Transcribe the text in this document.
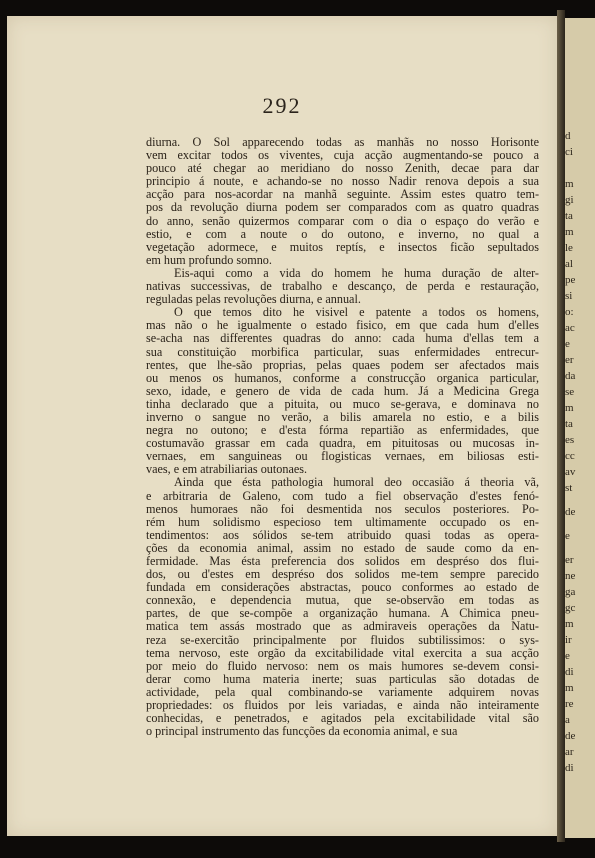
292
diurna. O Sol apparecendo todas as manhãs no nosso Horisonte
vem excitar todos os viventes, cuja acção augmentando-se pouco a
pouco até chegar ao meridiano do nosso Zenith, decae para dar
principio á noute, e achando-se no nosso Nadir renova depois a sua
acção para nos-acordar na manhã seguinte. Assim estes quatro tem-
pos da revolução diurna podem ser comparados com as quatro quadras
do anno, senão quizermos comparar com o dia o espaço do verão e
estio, e com a noute o do outono, e inverno, no qual a
vegetação adormece, e muitos reptís, e insectos ficão sepultados
em hum profundo somno.
Eis-aqui como a vida do homem he huma duração de alter-
nativas successivas, de trabalho e descanço, de perda e restauração,
reguladas pelas revoluções diurna, e annual.
O que temos dito he visivel e patente a todos os homens,
mas não o he igualmente o estado fisico, em que cada hum d'elles
se-acha nas differentes quadras do anno: cada huma d'ellas tem a
sua constituição morbifica particular, suas enfermidades entrecur-
rentes, que lhe-são proprias, pelas quaes podem ser afectados mais
ou menos os humanos, conforme a construcção organica particular,
sexo, idade, e genero de vida de cada hum. Já a Medicina Grega
tinha declarado que a pituita, ou muco se-gerava, e dominava no
inverno o sangue no verão, a bilis amarela no estio, e a bilis
negra no outono; e d'esta fórma repartião as enfermidades, que
costumavão grassar em cada quadra, em pituitosas ou mucosas in-
vernaes, em sanguineas ou flogisticas vernaes, em biliosas esti-
vaes, e em atrabiliarias outonaes.
Ainda que ésta pathologia humoral deo occasião á theoria vã,
e arbitraria de Galeno, com tudo a fiel observação d'estes fenó-
menos humoraes não foi desmentida nos seculos posteriores. Po-
rém hum solidismo especioso tem ultimamente occupado os en-
tendimentos: aos sólidos se-tem atribuido quasi todas as opera-
ções da economia animal, assim no estado de saude como da en-
fermidade. Mas ésta preferencia dos solidos em despréso dos flui-
dos, ou d'estes em despréso dos solidos me-tem sempre parecido
fundada em considerações abstractas, pouco conformes ao estado de
connexão, e dependencia mutua, que se-observão em todas as
partes, de que se-compõe a organização humana. A Chimica pneu-
matica tem assás mostrado que as admiraveis operações da Natu-
reza se-exercitão principalmente por fluidos subtilissimos: o sys-
tema nervoso, este orgão da excitabilidade vital exercita a sua acção
por meio do fluido nervoso: nem os mais humores se-devem consi-
derar como huma materia inerte; suas particulas são dotadas de
actividade, pela qual combinando-se variamente adquirem novas
propriedades: os fluidos por leis variadas, e ainda não inteiramente
conhecidas, e penetrados, e agitados pela excitabilidade vital são
o principal instrumento das funcções da economia animal, e sua
d
ci
m
gi
ta
m
le
al
pe
si
o:
ac
e
er
da
se
m
ta
es
cc
av
st
de
e
er
ne
ga
gc
m
ir
e
di
m
re
a
de
ar
di
